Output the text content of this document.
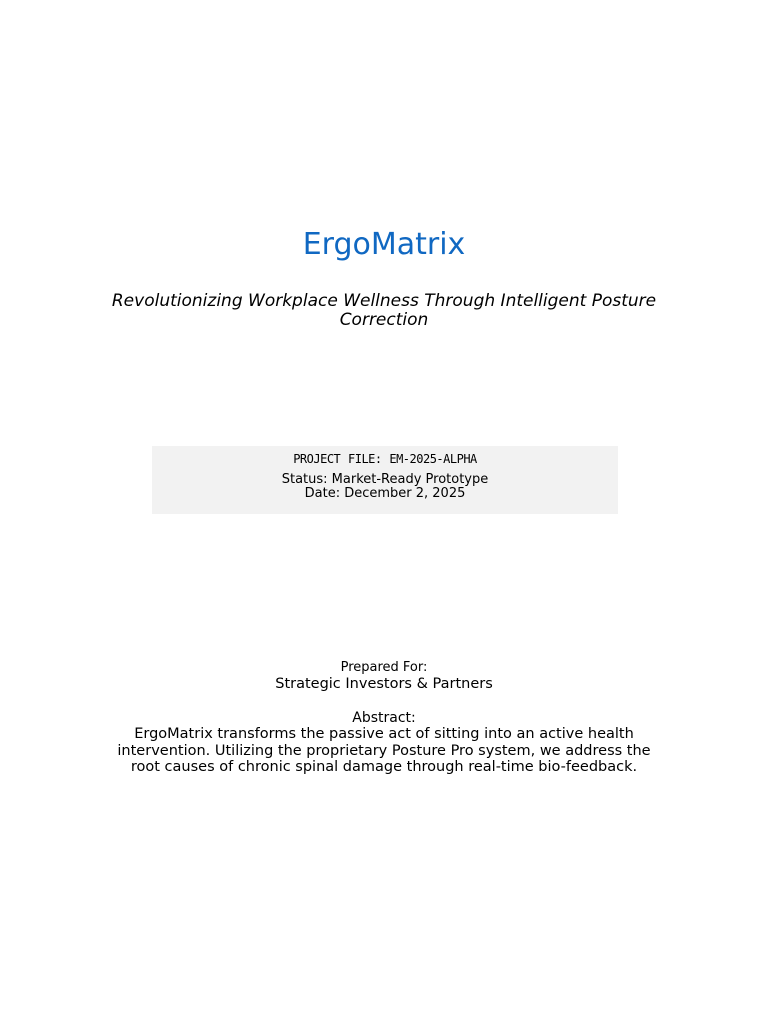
ErgoMatrix
Revolutionizing Workplace Wellness Through Intelligent Posture Correction
PROJECT FILE: EM-2025-ALPHA
Status: Market-Ready Prototype
Date: December 2, 2025
Prepared For:
Strategic Investors & Partners
Abstract:
ErgoMatrix transforms the passive act of sitting into an active health intervention. Utilizing the proprietary Posture Pro system, we address the root causes of chronic spinal damage through real-time bio-feedback.
